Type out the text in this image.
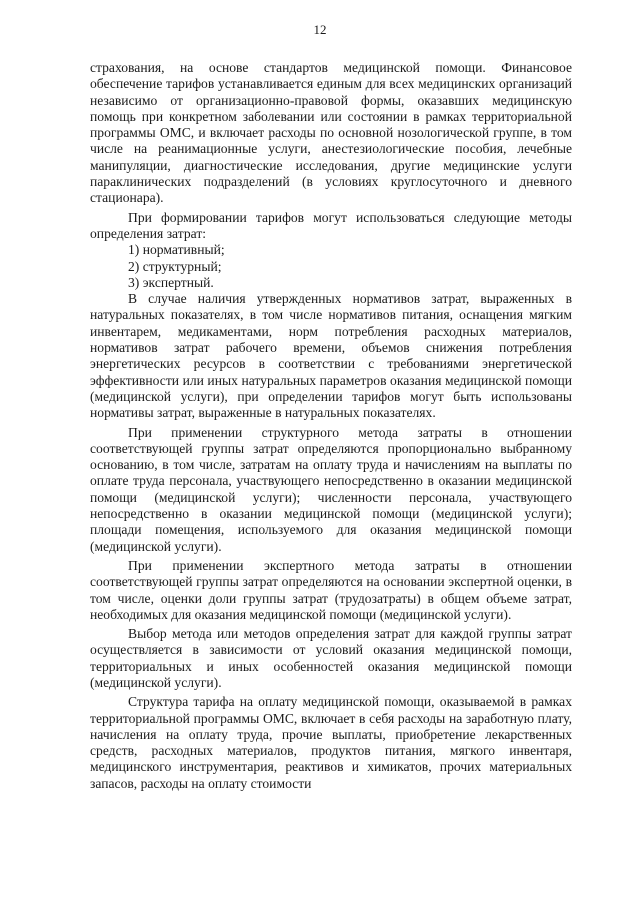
12

страхования, на основе стандартов медицинской помощи. Финансовое обеспечение тарифов устанавливается единым для всех медицинских организаций независимо от организационно-правовой формы, оказавших медицинскую помощь при конкретном заболевании или состоянии в рамках территориальной программы ОМС, и включает расходы по основной нозологической группе, в том числе на реанимационные услуги, анестезиологические пособия, лечебные манипуляции, диагностические исследования, другие медицинские услуги параклинических подразделений (в условиях круглосуточного и дневного стационара).

При формировании тарифов могут использоваться следующие методы определения затрат:

1) нормативный;

2) структурный;

3) экспертный.

В случае наличия утвержденных нормативов затрат, выраженных в натуральных показателях, в том числе нормативов питания, оснащения мягким инвентарем, медикаментами, норм потребления расходных материалов, нормативов затрат рабочего времени, объемов снижения потребления энергетических ресурсов в соответствии с требованиями энергетической эффективности или иных натуральных параметров оказания медицинской помощи (медицинской услуги), при определении тарифов могут быть использованы нормативы затрат, выраженные в натуральных показателях.

При применении структурного метода затраты в отношении соответствующей группы затрат определяются пропорционально выбранному основанию, в том числе, затратам на оплату труда и начислениям на выплаты по оплате труда персонала, участвующего непосредственно в оказании медицинской помощи (медицинской услуги); численности персонала, участвующего непосредственно в оказании медицинской помощи (медицинской услуги); площади помещения, используемого для оказания медицинской помощи (медицинской услуги).

При применении экспертного метода затраты в отношении соответствующей группы затрат определяются на основании экспертной оценки, в том числе, оценки доли группы затрат (трудозатраты) в общем объеме затрат, необходимых для оказания медицинской помощи (медицинской услуги).

Выбор метода или методов определения затрат для каждой группы затрат осуществляется в зависимости от условий оказания медицинской помощи, территориальных и иных особенностей оказания медицинской помощи (медицинской услуги).

Структура тарифа на оплату медицинской помощи, оказываемой в рамках территориальной программы ОМС, включает в себя расходы на заработную плату, начисления на оплату труда, прочие выплаты, приобретение лекарственных средств, расходных материалов, продуктов питания, мягкого инвентаря, медицинского инструментария, реактивов и химикатов, прочих материальных запасов, расходы на оплату стоимости
